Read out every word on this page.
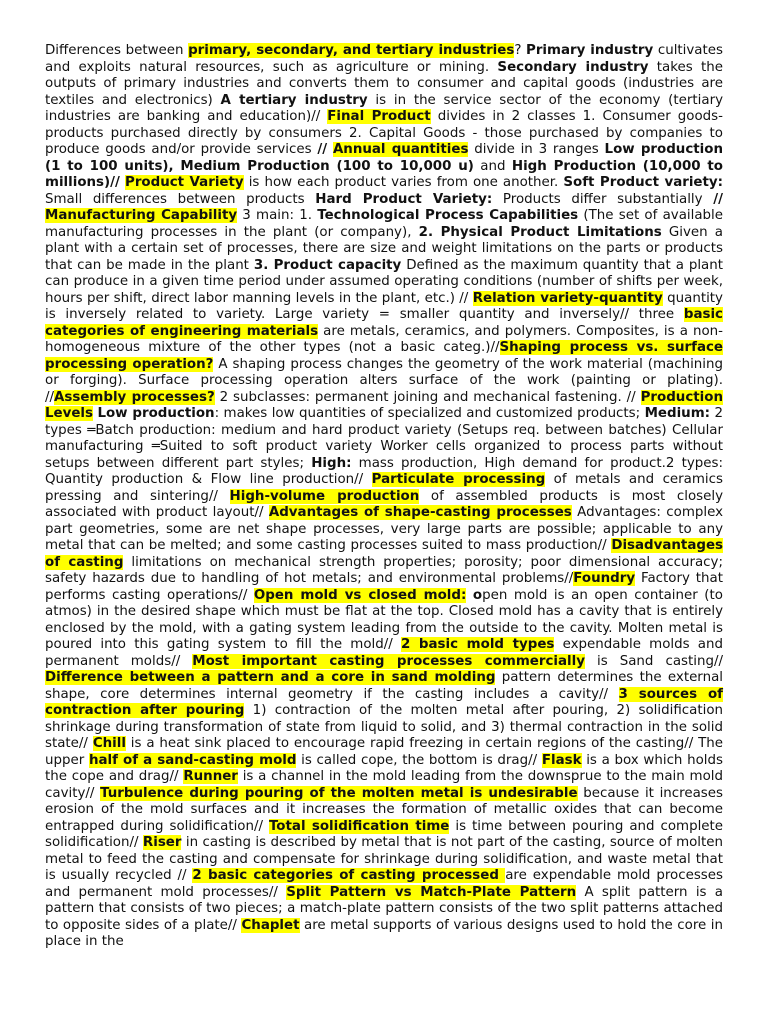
Differences between primary, secondary, and tertiary industries? Primary industry cultivates and exploits natural resources, such as agriculture or mining. Secondary industry takes the outputs of primary industries and converts them to consumer and capital goods (industries are textiles and electronics) A tertiary industry is in the service sector of the economy (tertiary industries are banking and education)// Final Product divides in 2 classes 1. Consumer goods- products purchased directly by consumers 2. Capital Goods - those purchased by companies to produce goods and/or provide services // Annual quantities divide in 3 ranges Low production (1 to 100 units), Medium Production (100 to 10,000 u) and High Production (10,000 to millions)// Product Variety is how each product varies from one another. Soft Product variety: Small differences between products Hard Product Variety: Products differ substantially // Manufacturing Capability 3 main: 1. Technological Process Capabilities (The set of available manufacturing processes in the plant (or company), 2. Physical Product Limitations Given a plant with a certain set of processes, there are size and weight limitations on the parts or products that can be made in the plant 3. Product capacity Defined as the maximum quantity that a plant can produce in a given time period under assumed operating conditions (number of shifts per week, hours per shift, direct labor manning levels in the plant, etc.) // Relation variety-quantity quantity is inversely related to variety. Large variety = smaller quantity and inversely// three basic categories of engineering materials are metals, ceramics, and polymers. Composites, is a non-homogeneous mixture of the other types (not a basic categ.)//Shaping process vs. surface processing operation? A shaping process changes the geometry of the work material (machining or forging). Surface processing operation alters surface of the work (painting or plating). //Assembly processes? 2 subclasses: permanent joining and mechanical fastening. // Production Levels Low production: makes low quantities of specialized and customized products; Medium: 2 types ═Batch production: medium and hard product variety (Setups req. between batches) Cellular manufacturing ═Suited to soft product variety Worker cells organized to process parts without setups between different part styles; High: mass production, High demand for product.2 types: Quantity production & Flow line production// Particulate processing of metals and ceramics pressing and sintering// High-volume production of assembled products is most closely associated with product layout// Advantages of shape-casting processes Advantages: complex part geometries, some are net shape processes, very large parts are possible; applicable to any metal that can be melted; and some casting processes suited to mass production// Disadvantages of casting limitations on mechanical strength properties; porosity; poor dimensional accuracy; safety hazards due to handling of hot metals; and environmental problems//Foundry Factory that performs casting operations// Open mold vs closed mold: open mold is an open container (to atmos) in the desired shape which must be flat at the top. Closed mold has a cavity that is entirely enclosed by the mold, with a gating system leading from the outside to the cavity. Molten metal is poured into this gating system to fill the mold// 2 basic mold types expendable molds and permanent molds// Most important casting processes commercially is Sand casting// Difference between a pattern and a core in sand molding pattern determines the external shape, core determines internal geometry if the casting includes a cavity// 3 sources of contraction after pouring 1) contraction of the molten metal after pouring, 2) solidification shrinkage during transformation of state from liquid to solid, and 3) thermal contraction in the solid state// Chill is a heat sink placed to encourage rapid freezing in certain regions of the casting// The upper half of a sand-casting mold is called cope, the bottom is drag// Flask is a box which holds the cope and drag// Runner is a channel in the mold leading from the downsprue to the main mold cavity// Turbulence during pouring of the molten metal is undesirable because it increases erosion of the mold surfaces and it increases the formation of metallic oxides that can become entrapped during solidification// Total solidification time is time between pouring and complete solidification// Riser in casting is described by metal that is not part of the casting, source of molten metal to feed the casting and compensate for shrinkage during solidification, and waste metal that is usually recycled // 2 basic categories of casting processed are expendable mold processes and permanent mold processes// Split Pattern vs Match-Plate Pattern A split pattern is a pattern that consists of two pieces; a match-plate pattern consists of the two split patterns attached to opposite sides of a plate// Chaplet are metal supports of various designs used to hold the core in place in the
